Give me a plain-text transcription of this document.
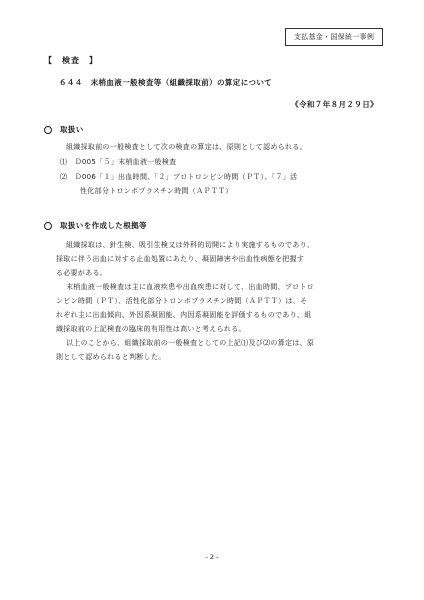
支払基金・国保統一事例
【　検査　】
６４４　末梢血液一般検査等（組織採取前）の算定について
《令和７年８月２９日》
取扱い
組織採取前の一般検査として次の検査の算定は、原則として認められる。
⑴　Ｄ005「５」末梢血液一般検査
⑵　Ｄ006「１」出血時間、「２」プロトロンビン時間（ＰＴ）、「７」活
性化部分トロンボプラスチン時間（ＡＰＴＴ）
取扱いを作成した根拠等
組織採取は、針生検、吸引生検又は外科的切開により実施するものであり、
採取に伴う出血に対する止血処置にあたり、凝固障害や出血性病態を把握す
る必要がある。
末梢血液一般検査は主に血液疾患や出血疾患に対して、出血時間、プロトロ
ンビン時間（ＰＴ）、活性化部分トロンボプラスチン時間（ＡＰＴＴ）は、そ
れぞれ主に出血傾向、外因系凝固能、内因系凝固能を評価するものであり、組
織採取前の上記検査の臨床的有用性は高いと考えられる。
以上のことから、組織採取前の一般検査としての上記⑴及び⑵の算定は、原
則として認められると判断した。
- 2 -
